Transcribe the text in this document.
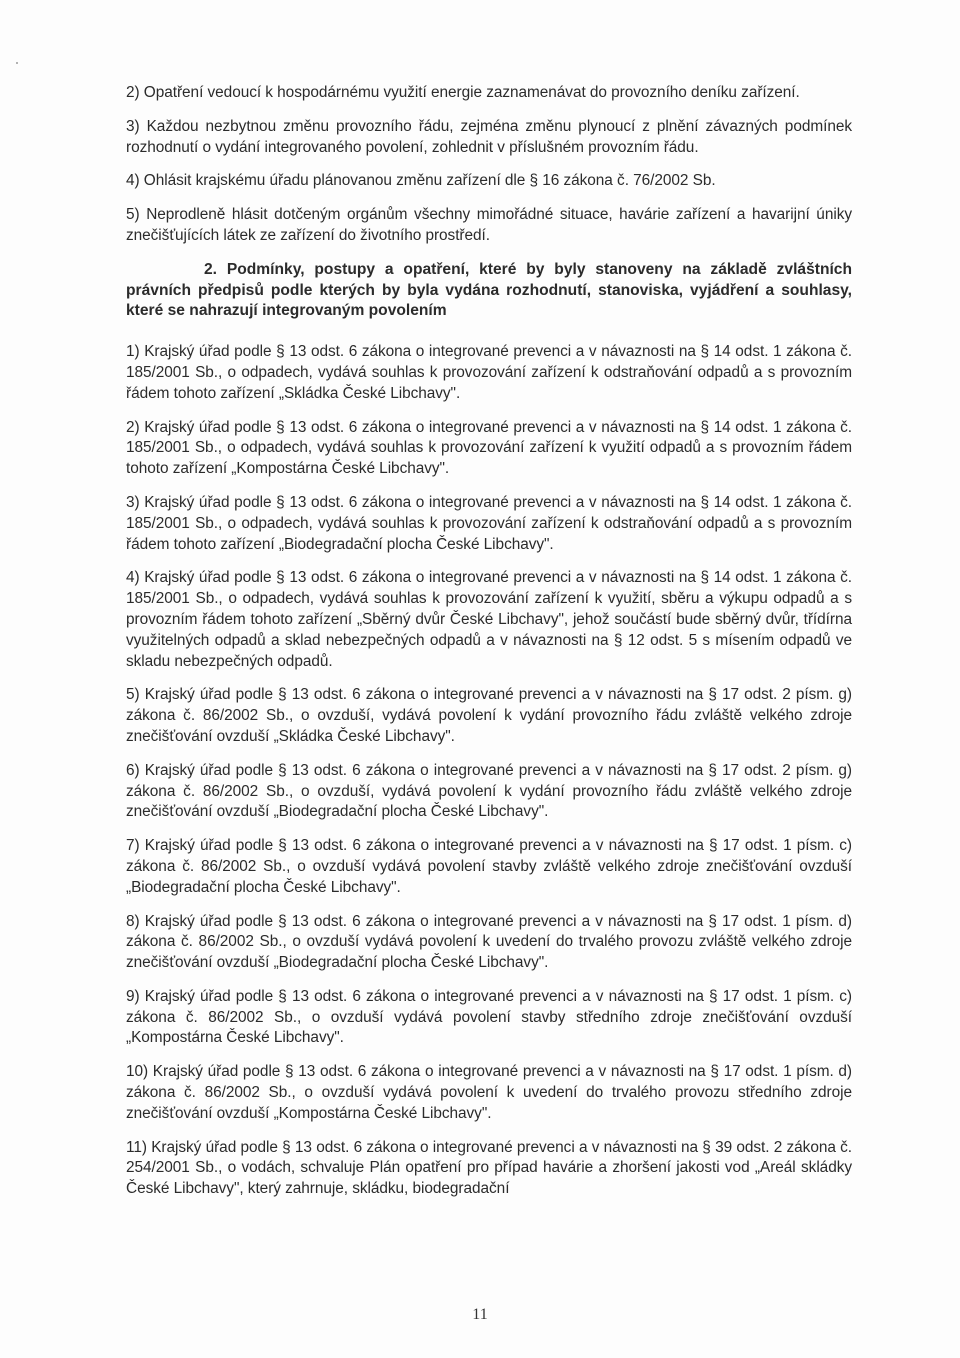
2) Opatření vedoucí k hospodárnému využití energie zaznamenávat do provozního deníku zařízení.

3) Každou nezbytnou změnu provozního řádu, zejména změnu plynoucí z plnění závazných podmínek rozhodnutí o vydání integrovaného povolení, zohlednit v příslušném provozním řádu.

4) Ohlásit krajskému úřadu plánovanou změnu zařízení dle § 16 zákona č. 76/2002 Sb.

5) Neprodleně hlásit dotčeným orgánům všechny mimořádné situace, havárie zařízení a havarijní úniky znečišťujících látek ze zařízení do životního prostředí.

2. Podmínky, postupy a opatření, které by byly stanoveny na základě zvláštních právních předpisů podle kterých by byla vydána rozhodnutí, stanoviska, vyjádření a souhlasy, které se nahrazují integrovaným povolením

1) Krajský úřad podle § 13 odst. 6 zákona o integrované prevenci a v návaznosti na § 14 odst. 1 zákona č. 185/2001 Sb., o odpadech, vydává souhlas k provozování zařízení k odstraňování odpadů a s provozním řádem tohoto zařízení „Skládka České Libchavy".

2) Krajský úřad podle § 13 odst. 6 zákona o integrované prevenci a v návaznosti na § 14 odst. 1 zákona č. 185/2001 Sb., o odpadech, vydává souhlas k provozování zařízení k využití odpadů a s provozním řádem tohoto zařízení „Kompostárna České Libchavy".

3) Krajský úřad podle § 13 odst. 6 zákona o integrované prevenci a v návaznosti na § 14 odst. 1 zákona č. 185/2001 Sb., o odpadech, vydává souhlas k provozování zařízení k odstraňování odpadů a s provozním řádem tohoto zařízení „Biodegradační plocha České Libchavy".

4) Krajský úřad podle § 13 odst. 6 zákona o integrované prevenci a v návaznosti na § 14 odst. 1 zákona č. 185/2001 Sb., o odpadech, vydává souhlas k provozování zařízení k využití, sběru a výkupu odpadů a s provozním řádem tohoto zařízení „Sběrný dvůr České Libchavy", jehož součástí bude sběrný dvůr, třídírna využitelných odpadů a sklad nebezpečných odpadů a v návaznosti na § 12 odst. 5 s mísením odpadů ve skladu nebezpečných odpadů.

5) Krajský úřad podle § 13 odst. 6 zákona o integrované prevenci a v návaznosti na § 17 odst. 2 písm. g) zákona č. 86/2002 Sb., o ovzduší, vydává povolení k vydání provozního řádu zvláště velkého zdroje znečišťování ovzduší „Skládka České Libchavy".

6) Krajský úřad podle § 13 odst. 6 zákona o integrované prevenci a v návaznosti na § 17 odst. 2 písm. g) zákona č. 86/2002 Sb., o ovzduší, vydává povolení k vydání provozního řádu zvláště velkého zdroje znečišťování ovzduší „Biodegradační plocha České Libchavy".

7) Krajský úřad podle § 13 odst. 6 zákona o integrované prevenci a v návaznosti na § 17 odst. 1 písm. c) zákona č. 86/2002 Sb., o ovzduší vydává povolení stavby zvláště velkého zdroje znečišťování ovzduší „Biodegradační plocha České Libchavy".

8) Krajský úřad podle § 13 odst. 6 zákona o integrované prevenci a v návaznosti na § 17 odst. 1 písm. d) zákona č. 86/2002 Sb., o ovzduší vydává povolení k uvedení do trvalého provozu zvláště velkého zdroje znečišťování ovzduší „Biodegradační plocha České Libchavy".

9) Krajský úřad podle § 13 odst. 6 zákona o integrované prevenci a v návaznosti na § 17 odst. 1 písm. c) zákona č. 86/2002 Sb., o ovzduší vydává povolení stavby středního zdroje znečišťování ovzduší „Kompostárna České Libchavy".

10) Krajský úřad podle § 13 odst. 6 zákona o integrované prevenci a v návaznosti na § 17 odst. 1 písm. d) zákona č. 86/2002 Sb., o ovzduší vydává povolení k uvedení do trvalého provozu středního zdroje znečišťování ovzduší „Kompostárna České Libchavy".

11) Krajský úřad podle § 13 odst. 6 zákona o integrované prevenci a v návaznosti na § 39 odst. 2 zákona č. 254/2001 Sb., o vodách, schvaluje Plán opatření pro případ havárie a zhoršení jakosti vod „Areál skládky České Libchavy", který zahrnuje, skládku, biodegradační

11
